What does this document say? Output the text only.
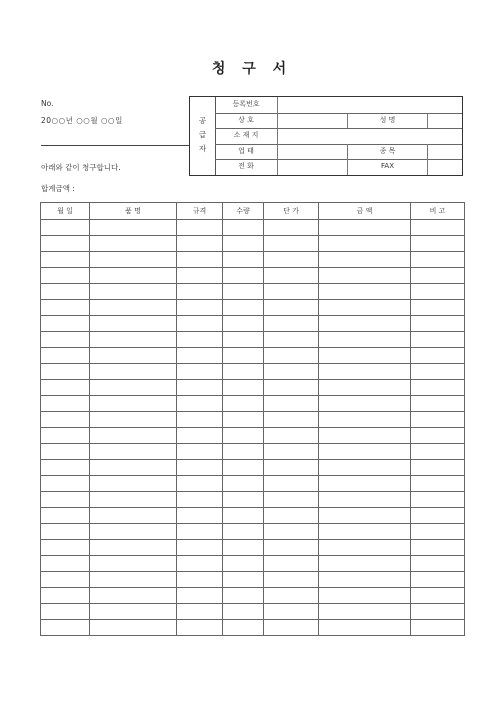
청 구 서
No.
20○○년 ○○월 ○○일
아래와 같이 청구합니다.
합계금액 :
공
급
자
등록번호
상 호	성 명
소 재 지
업 태	종 목
전 화	FAX
월 일	품 명	규격	수량	단 가	금 액	비 고
